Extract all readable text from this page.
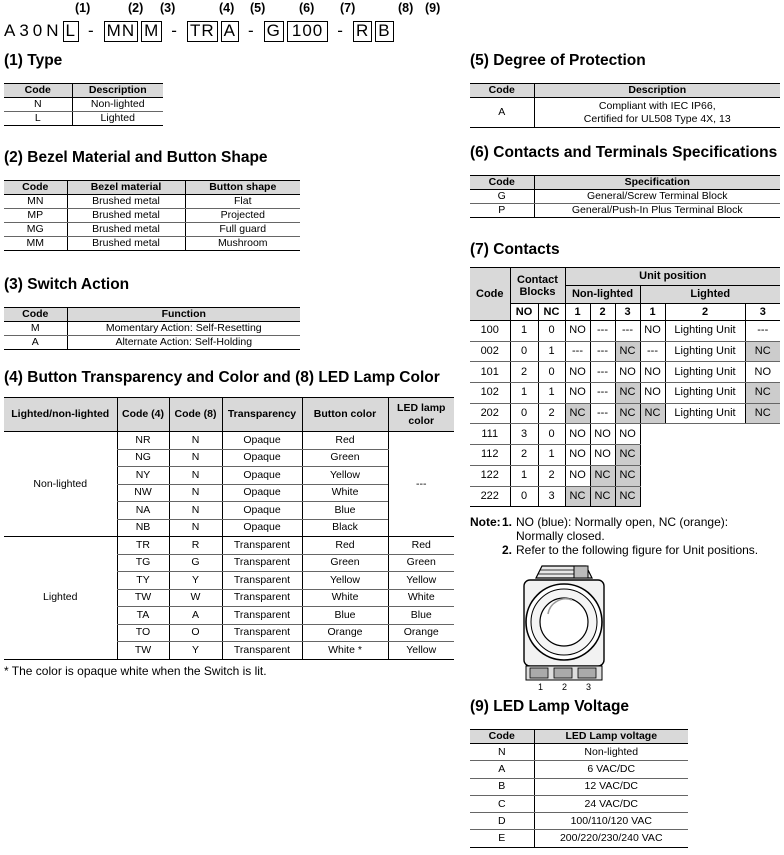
(1)	(2) (3)	(4) (5)	(6) (7)	(8) (9)
A30N L - MN M - TR A - G 100 - R B
(1) Type
Code	Description
N	Non-lighted
L	Lighted
(2) Bezel Material and Button Shape
Code	Bezel material	Button shape
MN	Brushed metal	Flat
MP	Brushed metal	Projected
MG	Brushed metal	Full guard
MM	Brushed metal	Mushroom
(3) Switch Action
Code	Function
M	Momentary Action: Self-Resetting
A	Alternate Action: Self-Holding
(4) Button Transparency and Color and (8) LED Lamp Color
Lighted/non-lighted	Code (4)	Code (8)	Transparency	Button color	LED lamp color
Non-lighted	NR	N	Opaque	Red	---
	NG	N	Opaque	Green	
	NY	N	Opaque	Yellow	
	NW	N	Opaque	White	
	NA	N	Opaque	Blue	
	NB	N	Opaque	Black	
Lighted	TR	R	Transparent	Red	Red
	TG	G	Transparent	Green	Green
	TY	Y	Transparent	Yellow	Yellow
	TW	W	Transparent	White	White
	TA	A	Transparent	Blue	Blue
	TO	O	Transparent	Orange	Orange
	TW	Y	Transparent	White *	Yellow
* The color is opaque white when the Switch is lit.
(5) Degree of Protection
Code	Description
A	Compliant with IEC IP66,
Certified for UL508 Type 4X, 13
(6) Contacts and Terminals Specifications
Code	Specification
G	General/Screw Terminal Block
P	General/Push-In Plus Terminal Block
(7) Contacts
Code	Contact Blocks		Unit position					
			Non-lighted			Lighted		
	NO	NC	1	2	3	1	2	3
100	1	0	NO	---	---	NO	Lighting Unit	---
002	0	1	---	---	NC	---	Lighting Unit	NC
101	2	0	NO	---	NO	NO	Lighting Unit	NO
102	1	1	NO	---	NC	NO	Lighting Unit	NC
202	0	2	NC	---	NC	NC	Lighting Unit	NC
111	3	0	NO	NO	NO			
112	2	1	NO	NO	NC			
122	1	2	NO	NC	NC			
222	0	3	NC	NC	NC			
Note: 1. NO (blue): Normally open, NC (orange):
Normally closed.
2. Refer to the following figure for Unit positions.
1 2 3
(9) LED Lamp Voltage
Code	LED Lamp voltage
N	Non-lighted
A	6 VAC/DC
B	12 VAC/DC
C	24 VAC/DC
D	100/110/120 VAC
E	200/220/230/240 VAC
